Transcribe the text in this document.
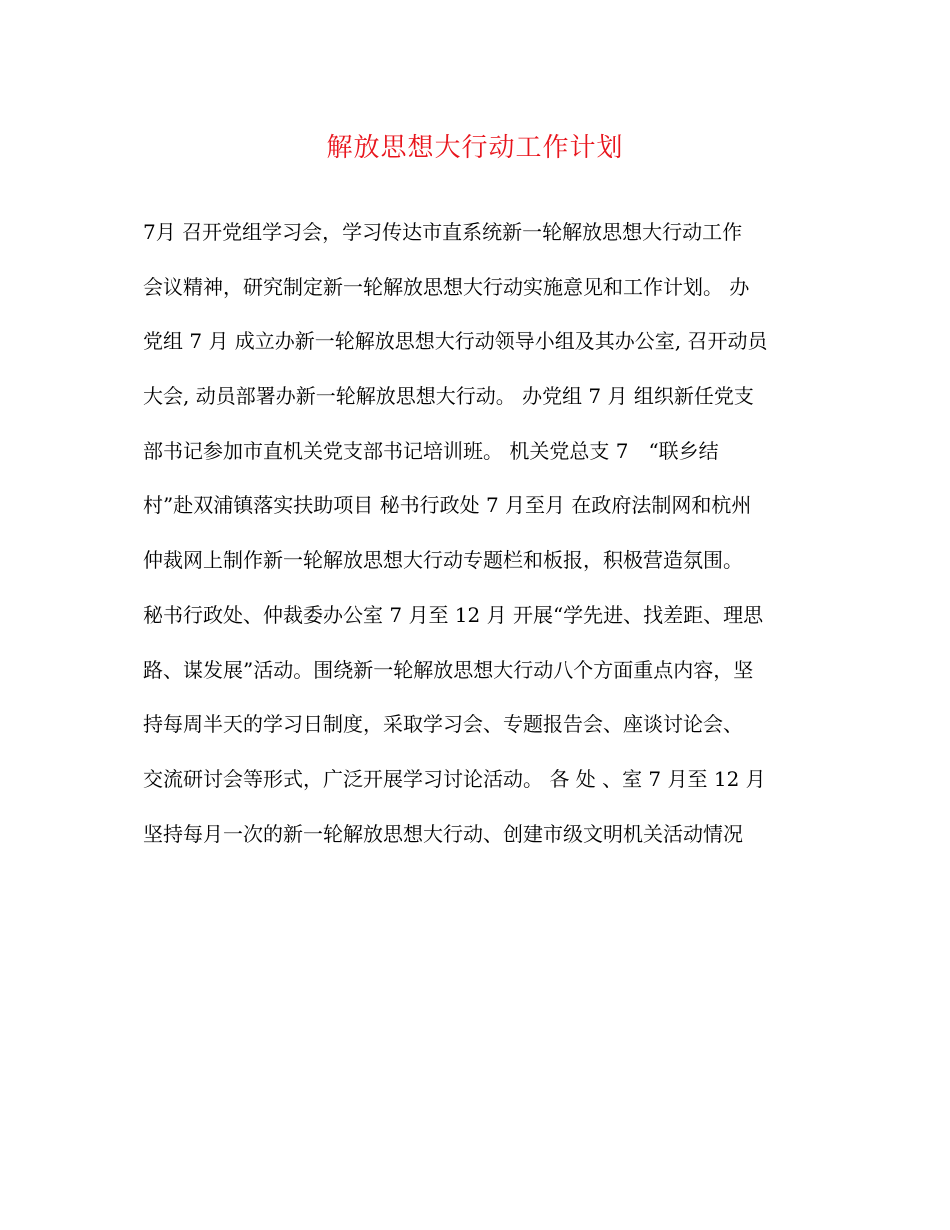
解放思想大行动工作计划
7月 召开党组学习会，学习传达市直系统新一轮解放思想大行动工作
会议精神，研究制定新一轮解放思想大行动实施意见和工作计划。 办
党组 7 月 成立办新一轮解放思想大行动领导小组及其办公室, 召开动员
大会, 动员部署办新一轮解放思想大行动。 办党组 7 月 组织新任党支
部书记参加市直机关党支部书记培训班。 机关党总支 7　“联乡结
村”赴双浦镇落实扶助项目 秘书行政处 7 月至月 在政府法制网和杭州
仲裁网上制作新一轮解放思想大行动专题栏和板报，积极营造氛围。
秘书行政处、仲裁委办公室 7 月至 12 月 开展“学先进、找差距、理思
路、谋发展”活动。围绕新一轮解放思想大行动八个方面重点内容，坚
持每周半天的学习日制度，采取学习会、专题报告会、座谈讨论会、
交流研讨会等形式，广泛开展学习讨论活动。 各 处 、室 7 月至 12 月
坚持每月一次的新一轮解放思想大行动、创建市级文明机关活动情况
